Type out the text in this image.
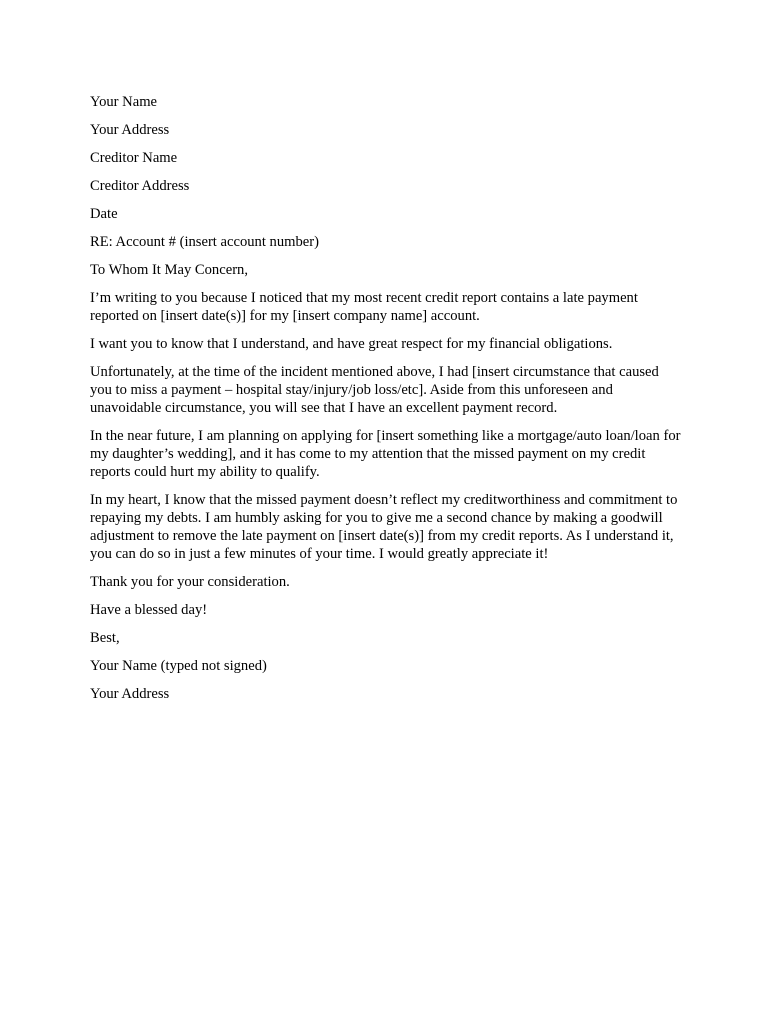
Your Name

Your Address

Creditor Name

Creditor Address

Date

RE: Account # (insert account number)

To Whom It May Concern,

I’m writing to you because I noticed that my most recent credit report contains a late payment reported on [insert date(s)] for my [insert company name] account.

I want you to know that I understand, and have great respect for my financial obligations.

Unfortunately, at the time of the incident mentioned above, I had [insert circumstance that caused you to miss a payment – hospital stay/injury/job loss/etc]. Aside from this unforeseen and unavoidable circumstance, you will see that I have an excellent payment record.

In the near future, I am planning on applying for [insert something like a mortgage/auto loan/loan for my daughter’s wedding], and it has come to my attention that the missed payment on my credit reports could hurt my ability to qualify.

In my heart, I know that the missed payment doesn’t reflect my creditworthiness and commitment to repaying my debts. I am humbly asking for you to give me a second chance by making a goodwill adjustment to remove the late payment on [insert date(s)] from my credit reports. As I understand it, you can do so in just a few minutes of your time. I would greatly appreciate it!

Thank you for your consideration.

Have a blessed day!

Best,

Your Name (typed not signed)

Your Address
